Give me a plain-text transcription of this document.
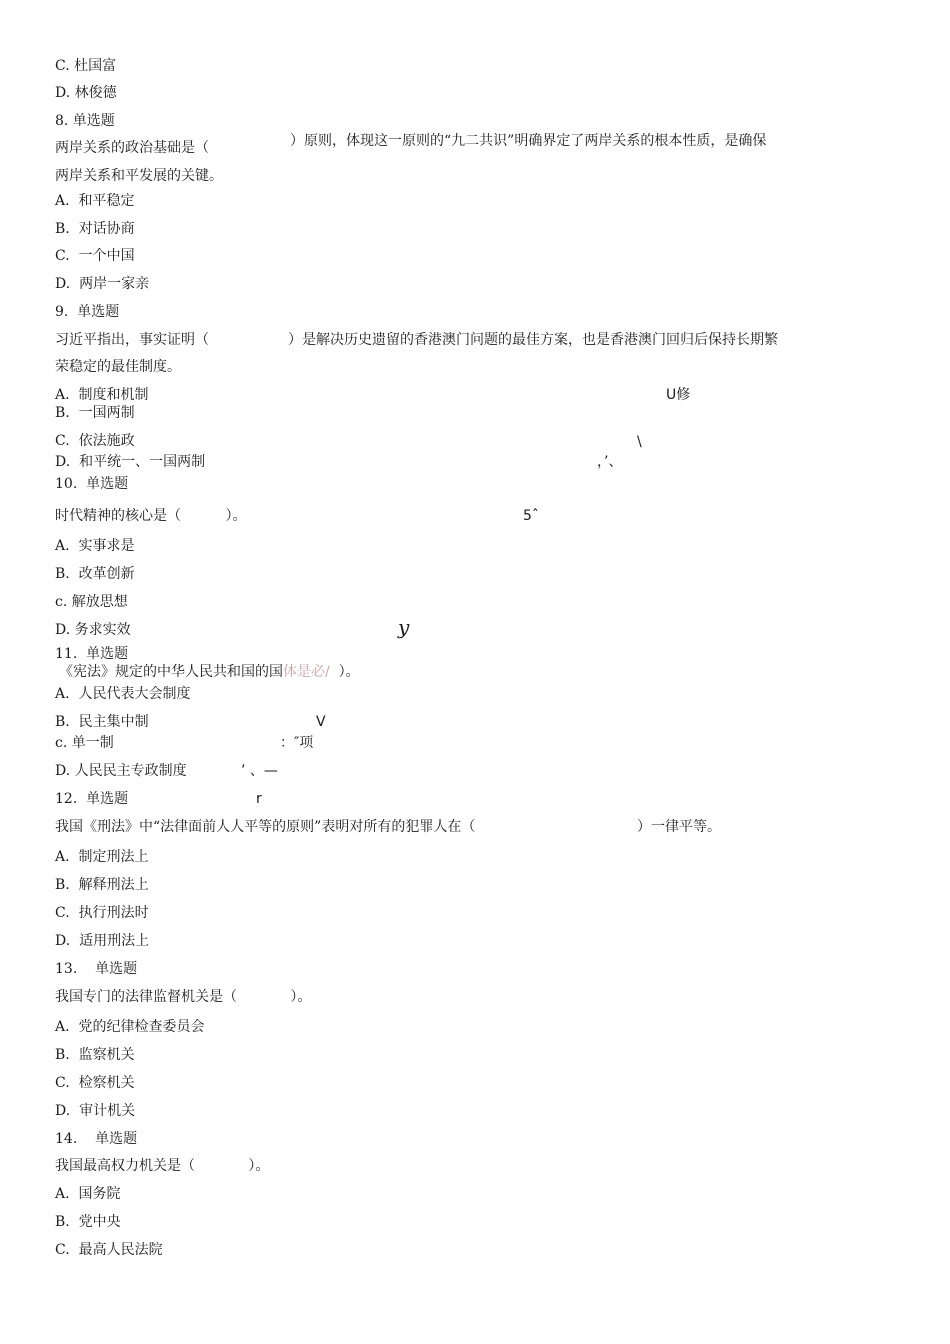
C. 杜国富
D. 林俊德
8. 单选题
两岸关系的政治基础是（	）原则，体现这一原则的“九二共识”明确界定了两岸关系的根本性质，是确保
两岸关系和平发展的关键。
A.  和平稳定
B.  对话协商
C.  一个中国
D.  两岸一家亲
9.  单选题
习近平指出，事实证明（	）是解决历史遗留的香港澳门问题的最佳方案，也是香港澳门回归后保持长期繁
荣稳定的最佳制度。
A.  制度和机制
B.  一国两制
C.  依法施政
D.  和平统一、一国两制
U修
\
，’、
10.  单选题
时代精神的核心是（          ）。	5ˆ
A.  实事求是
B.  改革创新
c. 解放思想
D. 务求实效	y
11.  单选题
《宪法》规定的中华人民共和国的国体是必/  ）。
A.  人民代表大会制度
B.  民主集中制
c. 单一制
D. 人民民主专政制度
V
：″项
’ 、—
12.  单选题	r
我国《刑法》中“法律面前人人平等的原则”表明对所有的犯罪人在（	）一律平等。
A.  制定刑法上
B.  解释刑法上
C.  执行刑法时
D.  适用刑法上
13.    单选题
我国专门的法律监督机关是（            ）。
A.  党的纪律检查委员会
B.  监察机关
C.  检察机关
D.  审计机关
14.    单选题
我国最高权力机关是（            ）。
A.  国务院
B.  党中央
C.  最高人民法院
